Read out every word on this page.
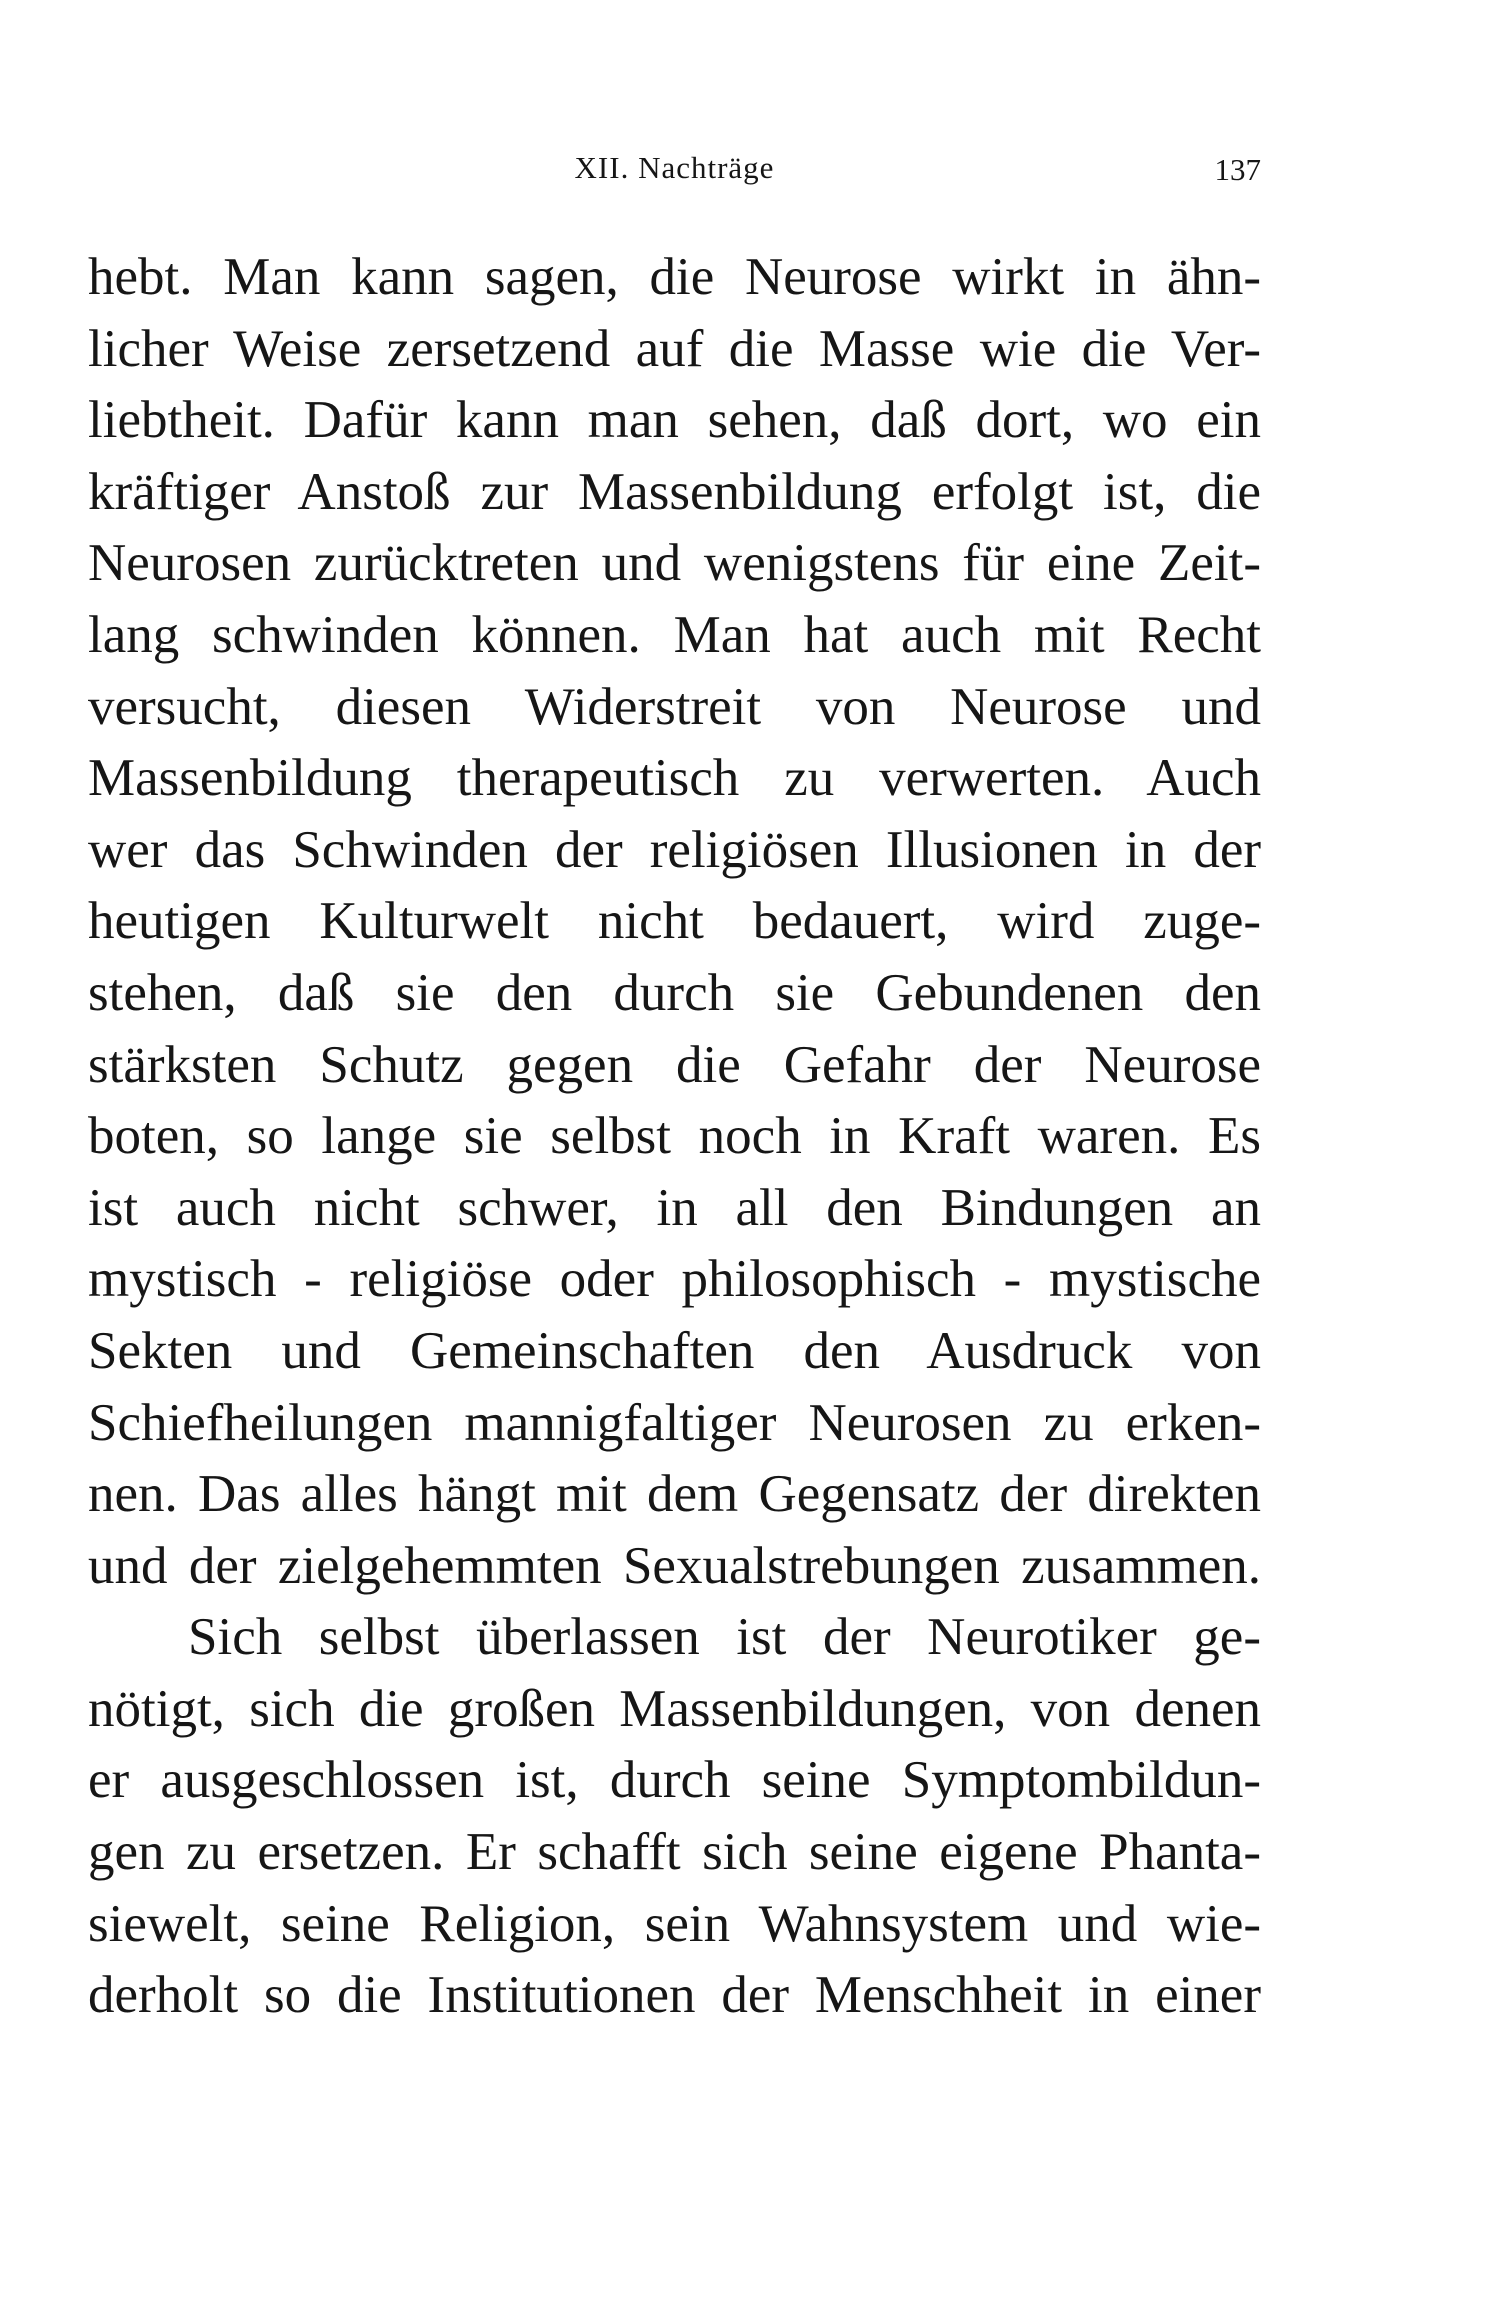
XII. Nachträge	137
hebt. Man kann sagen, die Neurose wirkt in ähn-
licher Weise zersetzend auf die Masse wie die Ver-
liebtheit. Dafür kann man sehen, daß dort, wo ein
kräftiger Anstoß zur Massenbildung erfolgt ist, die
Neurosen zurücktreten und wenigstens für eine Zeit-
lang schwinden können. Man hat auch mit Recht
versucht, diesen Widerstreit von Neurose und
Massenbildung therapeutisch zu verwerten. Auch
wer das Schwinden der religiösen Illusionen in der
heutigen Kulturwelt nicht bedauert, wird zuge-
stehen, daß sie den durch sie Gebundenen den
stärksten Schutz gegen die Gefahr der Neurose
boten, so lange sie selbst noch in Kraft waren. Es
ist auch nicht schwer, in all den Bindungen an
mystisch - religiöse oder philosophisch - mystische
Sekten und Gemeinschaften den Ausdruck von
Schiefheilungen mannigfaltiger Neurosen zu erken-
nen. Das alles hängt mit dem Gegensatz der direkten
und der zielgehemmten Sexualstrebungen zusammen.
Sich selbst überlassen ist der Neurotiker ge-
nötigt, sich die großen Massenbildungen, von denen
er ausgeschlossen ist, durch seine Symptombildun-
gen zu ersetzen. Er schafft sich seine eigene Phanta-
siewelt, seine Religion, sein Wahnsystem und wie-
derholt so die Institutionen der Menschheit in einer
